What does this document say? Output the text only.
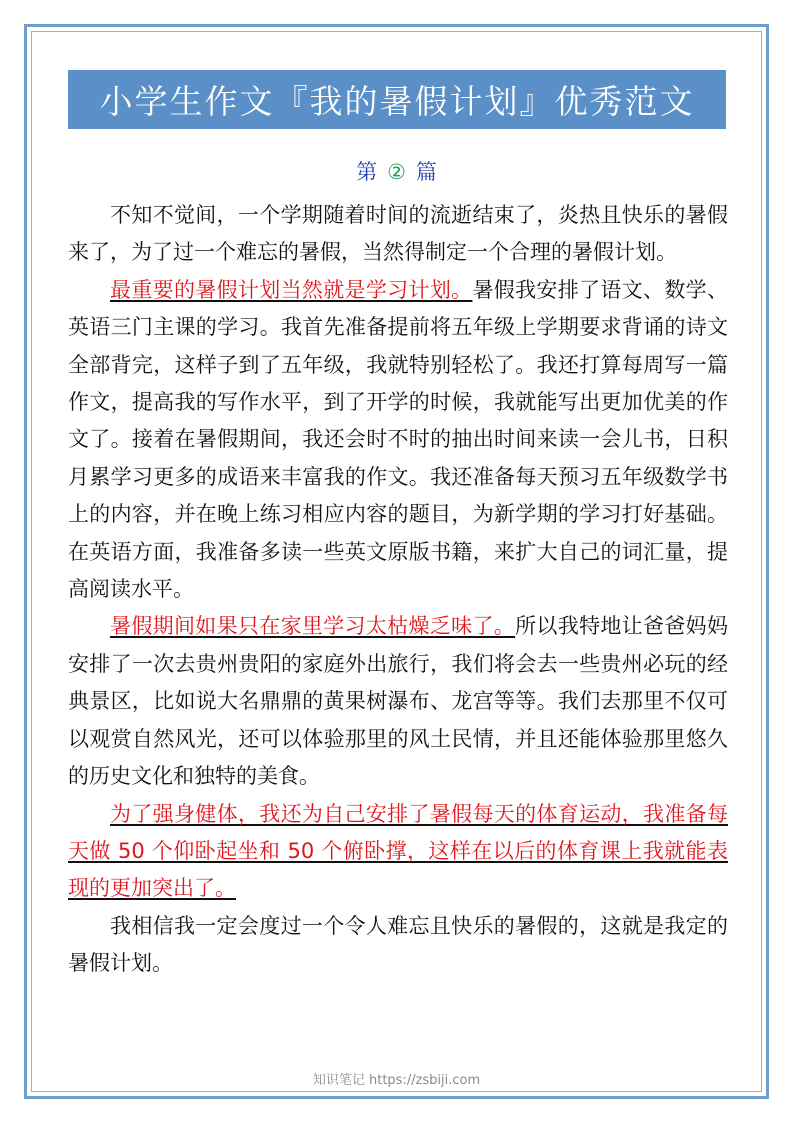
小学生作文『我的暑假计划』优秀范文
第 ② 篇

不知不觉间，一个学期随着时间的流逝结束了，炎热且快乐的暑假来了，为了过一个难忘的暑假，当然得制定一个合理的暑假计划。

最重要的暑假计划当然就是学习计划。暑假我安排了语文、数学、英语三门主课的学习。我首先准备提前将五年级上学期要求背诵的诗文全部背完，这样子到了五年级，我就特别轻松了。我还打算每周写一篇作文，提高我的写作水平，到了开学的时候，我就能写出更加优美的作文了。接着在暑假期间，我还会时不时的抽出时间来读一会儿书，日积月累学习更多的成语来丰富我的作文。我还准备每天预习五年级数学书上的内容，并在晚上练习相应内容的题目，为新学期的学习打好基础。在英语方面，我准备多读一些英文原版书籍，来扩大自己的词汇量，提高阅读水平。

暑假期间如果只在家里学习太枯燥乏味了。所以我特地让爸爸妈妈安排了一次去贵州贵阳的家庭外出旅行，我们将会去一些贵州必玩的经典景区，比如说大名鼎鼎的黄果树瀑布、龙宫等等。我们去那里不仅可以观赏自然风光，还可以体验那里的风土民情，并且还能体验那里悠久的历史文化和独特的美食。

为了强身健体，我还为自己安排了暑假每天的体育运动，我准备每天做 50 个仰卧起坐和 50 个俯卧撑，这样在以后的体育课上我就能表现的更加突出了。

我相信我一定会度过一个令人难忘且快乐的暑假的，这就是我定的暑假计划。

知识笔记 https://zsbiji.com
